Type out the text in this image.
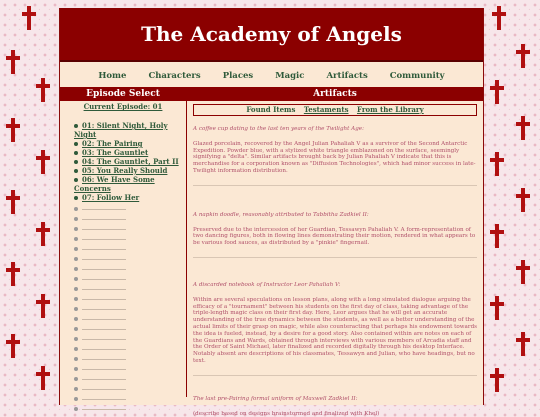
The Academy of Angels
Home	Characters	Places	Magic	Artifacts	Community
Episode Select
Current Episode: 01
01: Silent Night, Holy Night
02: The Pairing
03: The Gauntlet
04: The Gauntlet, Part II
05: You Really Should
06: We Have Some Concerns
07: Follow Her
Artifacts
Found Items Testaments From the Library
A coffee cup dating to the last ten years of the Twilight Age:
Glazed porcelain, recovered by the Angel Julian Pahaliah V as a survivor of the Second Antarctic Expedition. Powder blue, with a stylized white triangle emblazoned on the surface, seemingly signifying a "delta". Similar artifacts brought back by Julian Pahaliah V indicate that this is merchandise for a corporation known as "Diffusion Technologies", which had minor success in late-Twilight information distribution.
A napkin doodle, reasonably attributed to Tabbitha Zadkiel II:
Preserved due to the intercession of her Guardian, Tessawyn Pahaliah V. A form-representation of two dancing figures, both in flowing lines demonstrating their motion, rendered in what appears to be various food sauces, as distributed by a "pinkie" fingernail.
A discarded notebook of Instructor Leor Pahaliah V:
Within are several speculations on lesson plans, along with a long simulated dialogue arguing the efficacy of a "tournament" between his students on the first day of class, taking advantage of the triple-length magic class on their first day. Here, Leor argues that he will get an accurate understanding of the true dynamics between the students, as well as a better understanding of the actual limits of their grasp on magic, while also counteracting that perhaps his endowment towards the idea is fueled, instead, by a desire for a good story. Also contained within are notes on each of the Guardians and Wards, obtained through interviews with various members of Arcadia staff and the Order of Saint Michael, later finalized and recorded digitally through his desktop Interface. Notably absent are descriptions of his classmates, Tessawyn and Julian, who have headings, but no text.
The last pre-Pairing formal uniform of Maxwell Zadkiel II:
(describe based on designs brainstormed and finalized with Khel)
